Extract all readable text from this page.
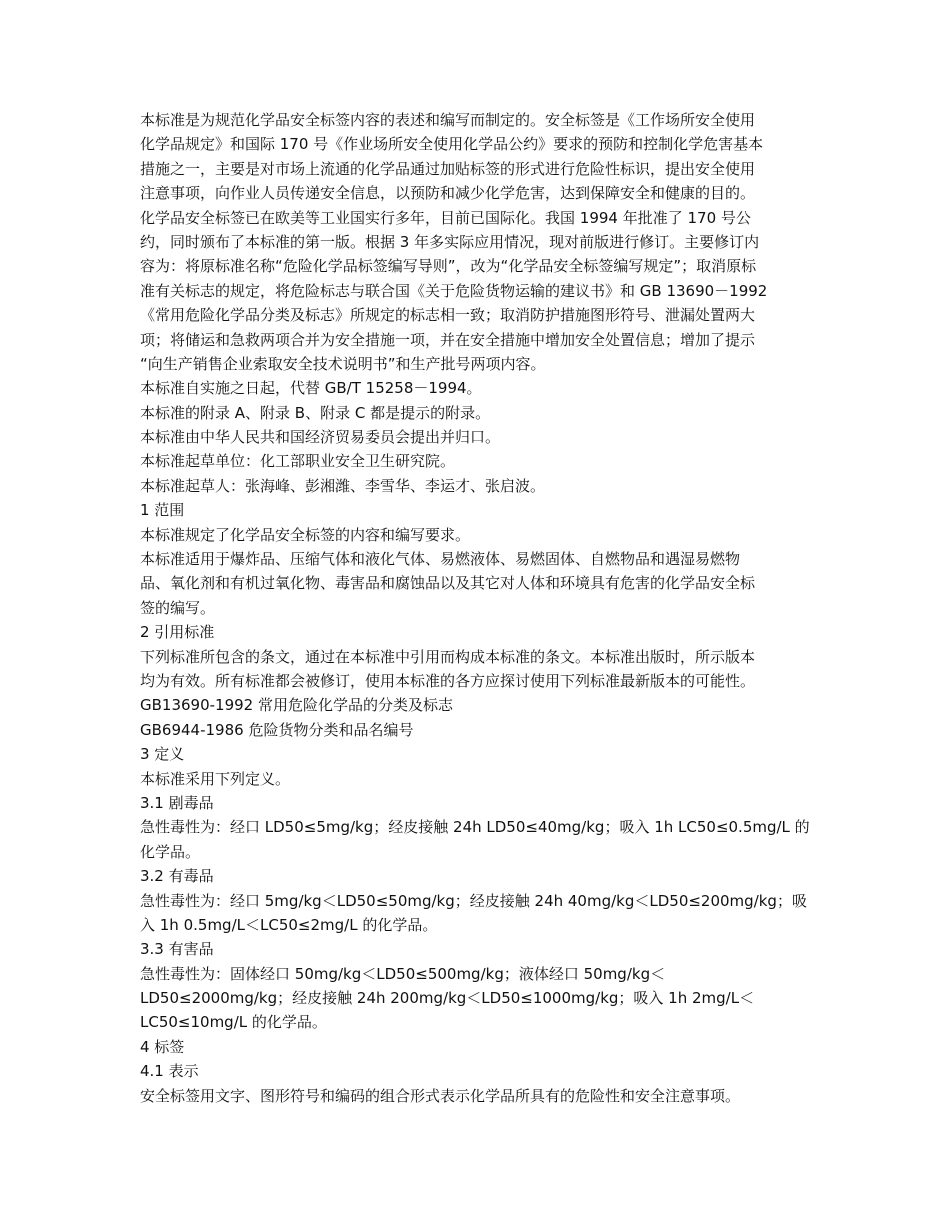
本标准是为规范化学品安全标签内容的表述和编写而制定的。安全标签是《工作场所安全使用
化学品规定》和国际 170 号《作业场所安全使用化学品公约》要求的预防和控制化学危害基本
措施之一，主要是对市场上流通的化学品通过加贴标签的形式进行危险性标识，提出安全使用
注意事项，向作业人员传递安全信息，以预防和减少化学危害，达到保障安全和健康的目的。
化学品安全标签已在欧美等工业国实行多年，目前已国际化。我国 1994 年批准了 170 号公
约，同时颁布了本标准的第一版。根据 3 年多实际应用情况，现对前版进行修订。主要修订内
容为：将原标准名称“危险化学品标签编写导则”，改为“化学品安全标签编写规定”；取消原标
准有关标志的规定，将危险标志与联合国《关于危险货物运输的建议书》和 GB 13690－1992
《常用危险化学品分类及标志》所规定的标志相一致；取消防护措施图形符号、泄漏处置两大
项；将储运和急救两项合并为安全措施一项，并在安全措施中增加安全处置信息；增加了提示
“向生产销售企业索取安全技术说明书”和生产批号两项内容。
本标准自实施之日起，代替 GB/T 15258－1994。
本标准的附录 A、附录 B、附录 C 都是提示的附录。
本标准由中华人民共和国经济贸易委员会提出并归口。
本标准起草单位：化工部职业安全卫生研究院。
本标准起草人：张海峰、彭湘潍、李雪华、李运才、张启波。
1 范围
本标准规定了化学品安全标签的内容和编写要求。
本标准适用于爆炸品、压缩气体和液化气体、易燃液体、易燃固体、自燃物品和遇湿易燃物
品、氧化剂和有机过氧化物、毒害品和腐蚀品以及其它对人体和环境具有危害的化学品安全标
签的编写。
2 引用标准
下列标准所包含的条文，通过在本标准中引用而构成本标准的条文。本标准出版时，所示版本
均为有效。所有标准都会被修订，使用本标准的各方应探讨使用下列标准最新版本的可能性。
GB13690-1992 常用危险化学品的分类及标志
GB6944-1986 危险货物分类和品名编号
3 定义
本标准采用下列定义。
3.1 剧毒品
急性毒性为：经口 LD50≤5mg/kg；经皮接触 24h LD50≤40mg/kg；吸入 1h LC50≤0.5mg/L 的
化学品。
3.2 有毒品
急性毒性为：经口 5mg/kg＜LD50≤50mg/kg；经皮接触 24h 40mg/kg＜LD50≤200mg/kg；吸
入 1h 0.5mg/L＜LC50≤2mg/L 的化学品。
3.3 有害品
急性毒性为：固体经口 50mg/kg＜LD50≤500mg/kg；液体经口 50mg/kg＜
LD50≤2000mg/kg；经皮接触 24h 200mg/kg＜LD50≤1000mg/kg；吸入 1h 2mg/L＜
LC50≤10mg/L 的化学品。
4 标签
4.1 表示
安全标签用文字、图形符号和编码的组合形式表示化学品所具有的危险性和安全注意事项。
